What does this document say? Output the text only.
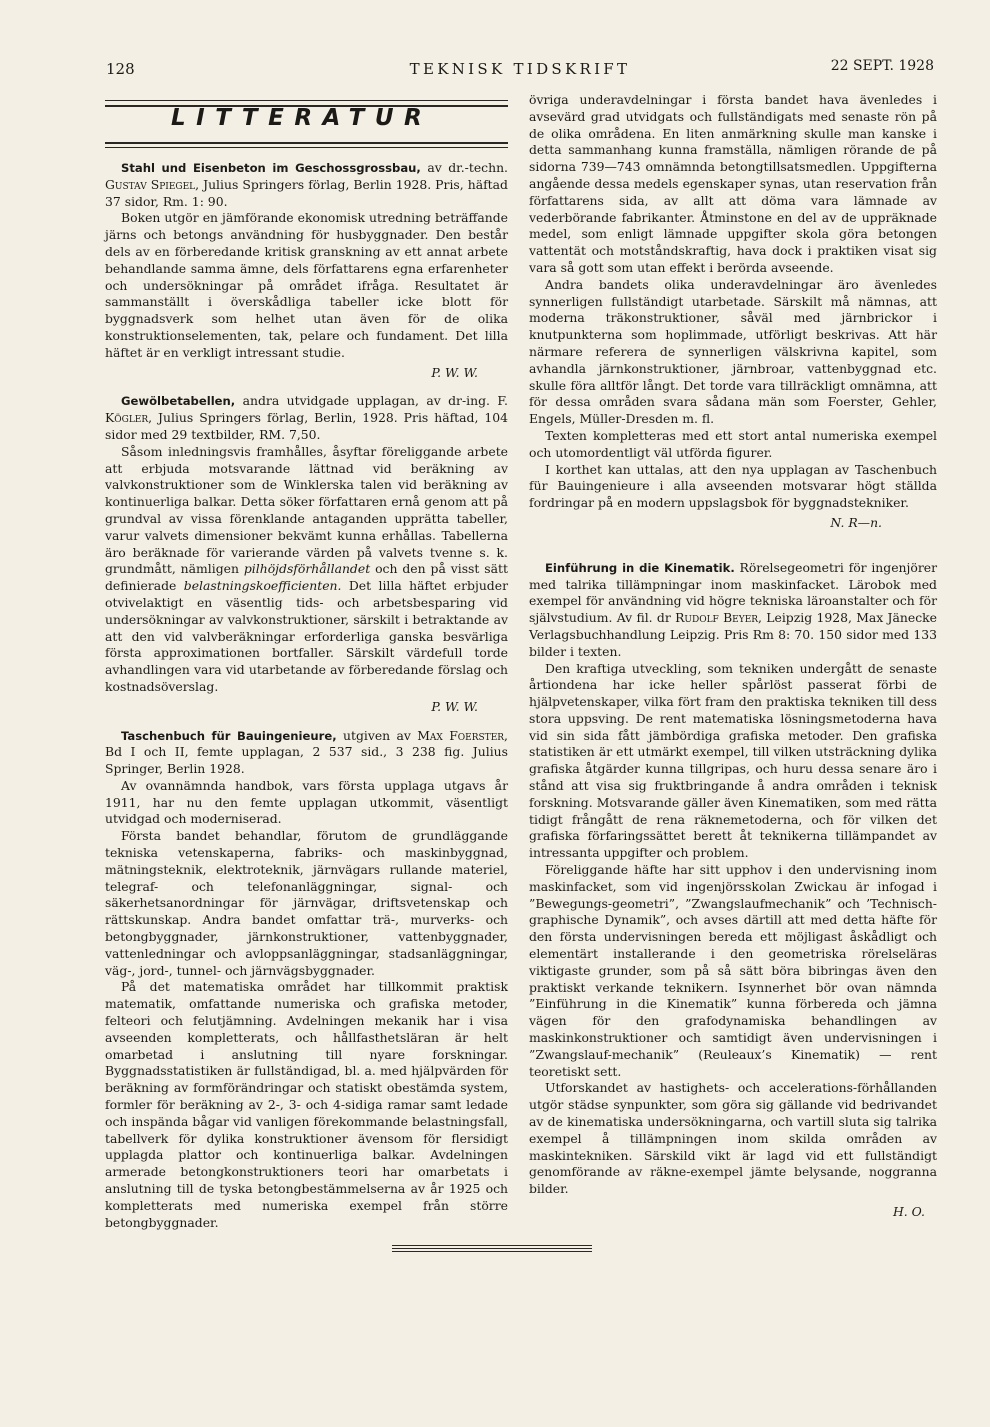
128	TEKNISK TIDSKRIFT	22 SEPT. 1928
LITTERATUR

Stahl und Eisenbeton im Geschossgrossbau, av dr.-techn. Gustav Spiegel, Julius Springers förlag, Berlin 1928. Pris, häftad 37 sidor, Rm. 1: 90.

Boken utgör en jämförande ekonomisk utredning beträffande järns och betongs användning för husbyggnader. Den består dels av en förberedande kritisk granskning av ett annat arbete behandlande samma ämne, dels författarens egna erfarenheter och undersökningar på området ifråga. Resultatet är sammanställt i överskådliga tabeller icke blott för byggnadsverk som helhet utan även för de olika konstruktionselementen, tak, pelare och fundament. Det lilla häftet är en verkligt intressant studie.

P. W. W.

Gewölbetabellen, andra utvidgade upplagan, av dr-ing. F. Kögler, Julius Springers förlag, Berlin, 1928. Pris häftad, 104 sidor med 29 textbilder, RM. 7,50.

Såsom inledningsvis framhålles, åsyftar föreliggande arbete att erbjuda motsvarande lättnad vid beräkning av valvkonstruktioner som de Winklerska talen vid beräkning av kontinuerliga balkar. Detta söker författaren ernå genom att på grundval av vissa förenklande antaganden upprätta tabeller, varur valvets dimensioner bekvämt kunna erhållas. Tabellerna äro beräknade för varierande värden på valvets tvenne s. k. grundmått, nämligen pilhöjdsförhållandet och den på visst sätt definierade belastningskoefficienten. Det lilla häftet erbjuder otvivelaktigt en väsentlig tids- och arbetsbesparing vid undersökningar av valvkonstruktioner, särskilt i betraktande av att den vid valvberäkningar erforderliga ganska besvärliga första approximationen bortfaller. Särskilt värdefull torde avhandlingen vara vid utarbetande av förberedande förslag och kostnadsöverslag.

P. W. W.

Taschenbuch für Bauingenieure, utgiven av Max Foerster, Bd I och II, femte upplagan, 2 537 sid., 3 238 fig. Julius Springer, Berlin 1928.

Av ovannämnda handbok, vars första upplaga utgavs år 1911, har nu den femte upplagan utkommit, väsentligt utvidgad och moderniserad.

Första bandet behandlar, förutom de grundläggande tekniska vetenskaperna, fabriks- och maskinbyggnad, mätningsteknik, elektroteknik, järnvägars rullande materiel, telegraf- och telefonanläggningar, signal- och säkerhetsanordningar för järnvägar, driftsvetenskap och rättskunskap. Andra bandet omfattar trä-, murverks- och betongbyggnader, järnkonstruktioner, vattenbyggnader, vattenledningar och avloppsanläggningar, stadsanläggningar, väg-, jord-, tunnel- och järnvägsbyggnader.

På det matematiska området har tillkommit praktisk matematik, omfattande numeriska och grafiska metoder, felteori och felutjämning. Avdelningen mekanik har i visa avseenden kompletterats, och hållfasthetsläran är helt omarbetad i anslutning till nyare forskningar. Byggnadsstatistiken är fullständigad, bl. a. med hjälpvärden för beräkning av formförändringar och statiskt obestämda system, formler för beräkning av 2-, 3- och 4-sidiga ramar samt ledade och inspända bågar vid vanligen förekommande belastningsfall, tabellverk för dylika konstruktioner ävensom för flersidigt upplagda plattor och kontinuerliga balkar. Avdelningen armerade betongkonstruktioners teori har omarbetats i anslutning till de tyska betongbestämmelserna av år 1925 och kompletterats med numeriska exempel från större betongbyggnader.

övriga underavdelningar i första bandet hava ävenledes i avsevärd grad utvidgats och fullständigats med senaste rön på de olika områdena. En liten anmärkning skulle man kanske i detta sammanhang kunna framställa, nämligen rörande de på sidorna 739—743 omnämnda betongtillsatsmedlen. Uppgifterna angående dessa medels egenskaper synas, utan reservation från författarens sida, av allt att döma vara lämnade av vederbörande fabrikanter. Åtminstone en del av de uppräknade medel, som enligt lämnade uppgifter skola göra betongen vattentät och motståndskraftig, hava dock i praktiken visat sig vara så gott som utan effekt i berörda avseende.

Andra bandets olika underavdelningar äro ävenledes synnerligen fullständigt utarbetade. Särskilt må nämnas, att moderna träkonstruktioner, såväl med järnbrickor i knutpunkterna som hoplimmade, utförligt beskrivas. Att här närmare referera de synnerligen välskrivna kapitel, som avhandla järnkonstruktioner, järnbroar, vattenbyggnad etc. skulle föra alltför långt. Det torde vara tillräckligt omnämna, att för dessa områden svara sådana män som Foerster, Gehler, Engels, Müller-Dresden m. fl.

Texten kompletteras med ett stort antal numeriska exempel och utomordentligt väl utförda figurer.

I korthet kan uttalas, att den nya upplagan av Taschenbuch für Bauingenieure i alla avseenden motsvarar högt ställda fordringar på en modern uppslagsbok för byggnadstekniker.

N. R—n.

Einführung in die Kinematik. Rörelsegeometri för ingenjörer med talrika tillämpningar inom maskinfacket. Lärobok med exempel för användning vid högre tekniska läroanstalter och för självstudium. Av fil. dr Rudolf Beyer, Leipzig 1928, Max Jänecke Verlagsbuchhandlung Leipzig. Pris Rm 8: 70. 150 sidor med 133 bilder i texten.

Den kraftiga utveckling, som tekniken undergått de senaste årtiondena har icke heller spårlöst passerat förbi de hjälpvetenskaper, vilka fört fram den praktiska tekniken till dess stora uppsving. De rent matematiska lösningsmetoderna hava vid sin sida fått jämbördiga grafiska metoder. Den grafiska statistiken är ett utmärkt exempel, till vilken utsträckning dylika grafiska åtgärder kunna tillgripas, och huru dessa senare äro i stånd att visa sig fruktbringande å andra områden i teknisk forskning. Motsvarande gäller även Kinematiken, som med rätta tidigt frångått de rena räknemetoderna, och för vilken det grafiska förfaringssättet berett åt teknikerna tillämpandet av intressanta uppgifter och problem.

Föreliggande häfte har sitt upphov i den undervisning inom maskinfacket, som vid ingenjörsskolan Zwickau är infogad i ”Bewegungs-geometri”, ”Zwangslaufmechanik” och ’Technisch-graphische Dynamik”, och avses därtill att med detta häfte för den första undervisningen bereda ett möjligast åskådligt och elementärt installerande i den geometriska rörelseläras viktigaste grunder, som på så sätt böra bibringas även den praktiskt verkande teknikern. Isynnerhet bör ovan nämnda ”Einführung in die Kinematik” kunna förbereda och jämna vägen för den grafodynamiska behandlingen av maskinkonstruktioner och samtidigt även undervisningen i ”Zwangslauf-mechanik” (Reuleaux’s Kinematik) — rent teoretiskt sett.

Utforskandet av hastighets- och accelerations-förhållanden utgör städse synpunkter, som göra sig gällande vid bedrivandet av de kinematiska undersökningarna, och vartill sluta sig talrika exempel å tillämpningen inom skilda områden av maskintekniken. Särskild vikt är lagd vid ett fullständigt genomförande av räkne-exempel jämte belysande, noggranna bilder.

H. O.
